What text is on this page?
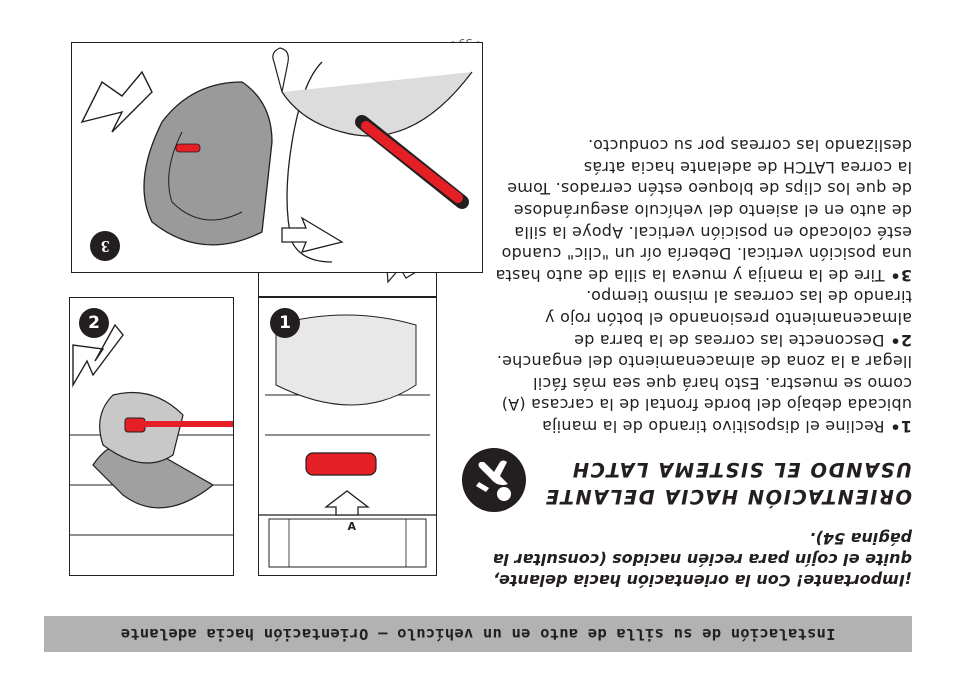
Instalación de su silla de auto en un vehículo – Orientación hacia adelante
¡Importante! Con la orientación hacia delante, quite el cojín para recién nacidos (consultar la página 54).
ORIENTACIÓN HACIA DELANTE USANDO EL SISTEMA LATCH

1• Recline el dispositivo tirando de la manija ubicada debajo del borde frontal de la carcasa (A) como se muestra. Esto hará que sea más fácil llegar a la zona de almacenamiento del enganche.

2• Desconecte las correas de la barra de almacenamiento presionando el botón rojo y tirando de las correas al mismo tiempo.

3• Tire de la manija y mueva la silla de auto hasta una posición vertical. Debería oír un "clic" cuando esté colocado en posición vertical. Apoye la silla de auto en el asiento del vehículo asegurándose de que los clips de bloqueo estén cerrados. Tome la correa LATCH de adelante hacia atrás deslizando las correas por su conducto.

A
1
2
3
